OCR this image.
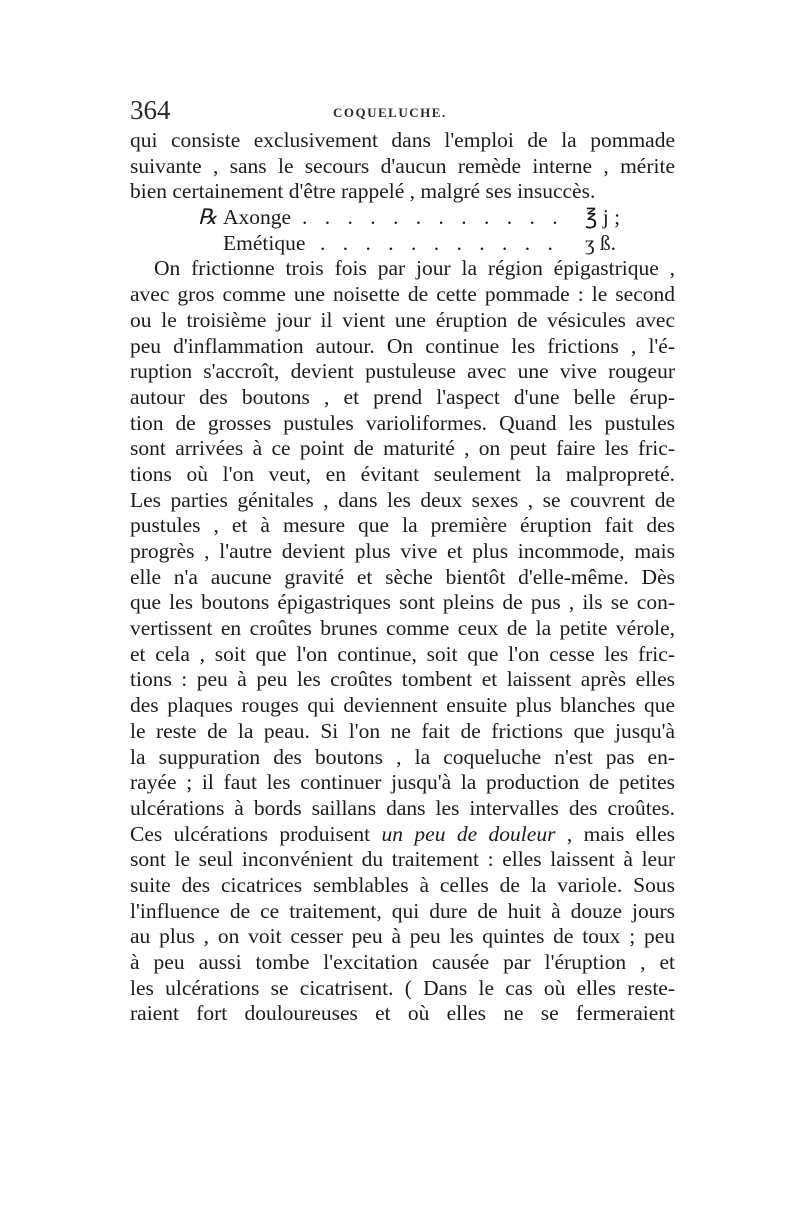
364	COQUELUCHE.
qui consiste exclusivement dans l'emploi de la pommade
suivante , sans le secours d'aucun remède interne , mérite
bien certainement d'être rappelé , malgré ses insuccès.
℞ Axonge . . . . . . . . . . . . ℥ j ;
Emétique . . . . . . . . . . . ʒ ß.
On frictionne trois fois par jour la région épigastrique ,
avec gros comme une noisette de cette pommade : le second
ou le troisième jour il vient une éruption de vésicules avec
peu d'inflammation autour. On continue les frictions , l'é-
ruption s'accroît, devient pustuleuse avec une vive rougeur
autour des boutons , et prend l'aspect d'une belle érup-
tion de grosses pustules varioliformes. Quand les pustules
sont arrivées à ce point de maturité , on peut faire les fric-
tions où l'on veut, en évitant seulement la malpropreté.
Les parties génitales , dans les deux sexes , se couvrent de
pustules , et à mesure que la première éruption fait des
progrès , l'autre devient plus vive et plus incommode, mais
elle n'a aucune gravité et sèche bientôt d'elle-même. Dès
que les boutons épigastriques sont pleins de pus , ils se con-
vertissent en croûtes brunes comme ceux de la petite vérole,
et cela , soit que l'on continue, soit que l'on cesse les fric-
tions : peu à peu les croûtes tombent et laissent après elles
des plaques rouges qui deviennent ensuite plus blanches que
le reste de la peau. Si l'on ne fait de frictions que jusqu'à
la suppuration des boutons , la coqueluche n'est pas en-
rayée ; il faut les continuer jusqu'à la production de petites
ulcérations à bords saillans dans les intervalles des croûtes.
Ces ulcérations produisent un peu de douleur , mais elles
sont le seul inconvénient du traitement : elles laissent à leur
suite des cicatrices semblables à celles de la variole. Sous
l'influence de ce traitement, qui dure de huit à douze jours
au plus , on voit cesser peu à peu les quintes de toux ; peu
à peu aussi tombe l'excitation causée par l'éruption , et
les ulcérations se cicatrisent. ( Dans le cas où elles reste-
raient fort douloureuses et où elles ne se fermeraient
